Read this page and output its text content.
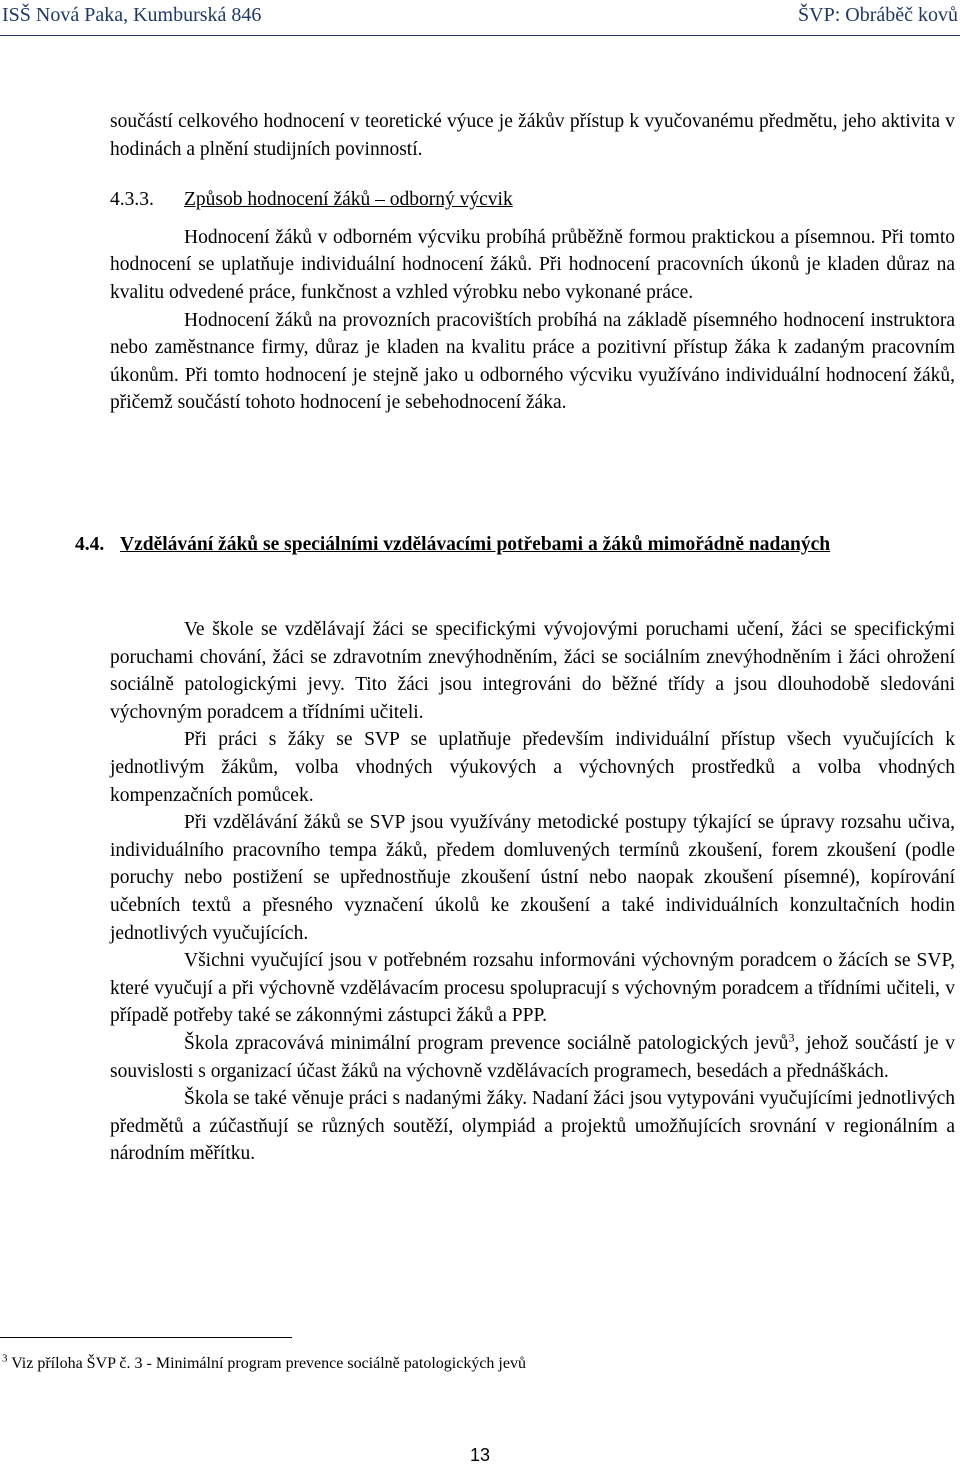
ISŠ Nová Paka, Kumburská 846	ŠVP: Obráběč kovů

součástí celkového hodnocení v teoretické výuce je žákův přístup k vyučovanému předmětu, jeho aktivita v hodinách a plnění studijních povinností.

4.3.3. Způsob hodnocení žáků – odborný výcvik

Hodnocení žáků v odborném výcviku probíhá průběžně formou praktickou a písemnou. Při tomto hodnocení se uplatňuje individuální hodnocení žáků. Při hodnocení pracovních úkonů je kladen důraz na kvalitu odvedené práce, funkčnost a vzhled výrobku nebo vykonané práce.

Hodnocení žáků na provozních pracovištích probíhá na základě písemného hodnocení instruktora nebo zaměstnance firmy, důraz je kladen na kvalitu práce a pozitivní přístup žáka k zadaným pracovním úkonům. Při tomto hodnocení je stejně jako u odborného výcviku využíváno individuální hodnocení žáků, přičemž součástí tohoto hodnocení je sebehodnocení žáka.

4.4. Vzdělávání žáků se speciálními vzdělávacími potřebami a žáků mimořádně nadaných

Ve škole se vzdělávají žáci se specifickými vývojovými poruchami učení, žáci se specifickými poruchami chování, žáci se zdravotním znevýhodněním, žáci se sociálním znevýhodněním i žáci ohrožení sociálně patologickými jevy. Tito žáci jsou integrováni do běžné třídy a jsou dlouhodobě sledováni výchovným poradcem a třídními učiteli.

Při práci s žáky se SVP se uplatňuje především individuální přístup všech vyučujících k jednotlivým žákům, volba vhodných výukových a výchovných prostředků a volba vhodných kompenzačních pomůcek.

Při vzdělávání žáků se SVP jsou využívány metodické postupy týkající se úpravy rozsahu učiva, individuálního pracovního tempa žáků, předem domluvených termínů zkoušení, forem zkoušení (podle poruchy nebo postižení se upřednostňuje zkoušení ústní nebo naopak zkoušení písemné), kopírování učebních textů a přesného vyznačení úkolů ke zkoušení a také individuálních konzultačních hodin jednotlivých vyučujících.

Všichni vyučující jsou v potřebném rozsahu informováni výchovným poradcem o žácích se SVP, které vyučují a při výchovně vzdělávacím procesu spolupracují s výchovným poradcem a třídními učiteli, v případě potřeby také se zákonnými zástupci žáků a PPP.

Škola zpracovává minimální program prevence sociálně patologických jevů$^3$, jehož součástí je v souvislosti s organizací účast žáků na výchovně vzdělávacích programech, besedách a přednáškách.

Škola se také věnuje práci s nadanými žáky. Nadaní žáci jsou vytypováni vyučujícími jednotlivých předmětů a zúčastňují se různých soutěží, olympiád a projektů umožňujících srovnání v regionálním a národním měřítku.

$^3$ Viz příloha ŠVP č. 3 - Minimální program prevence sociálně patologických jevů
13
